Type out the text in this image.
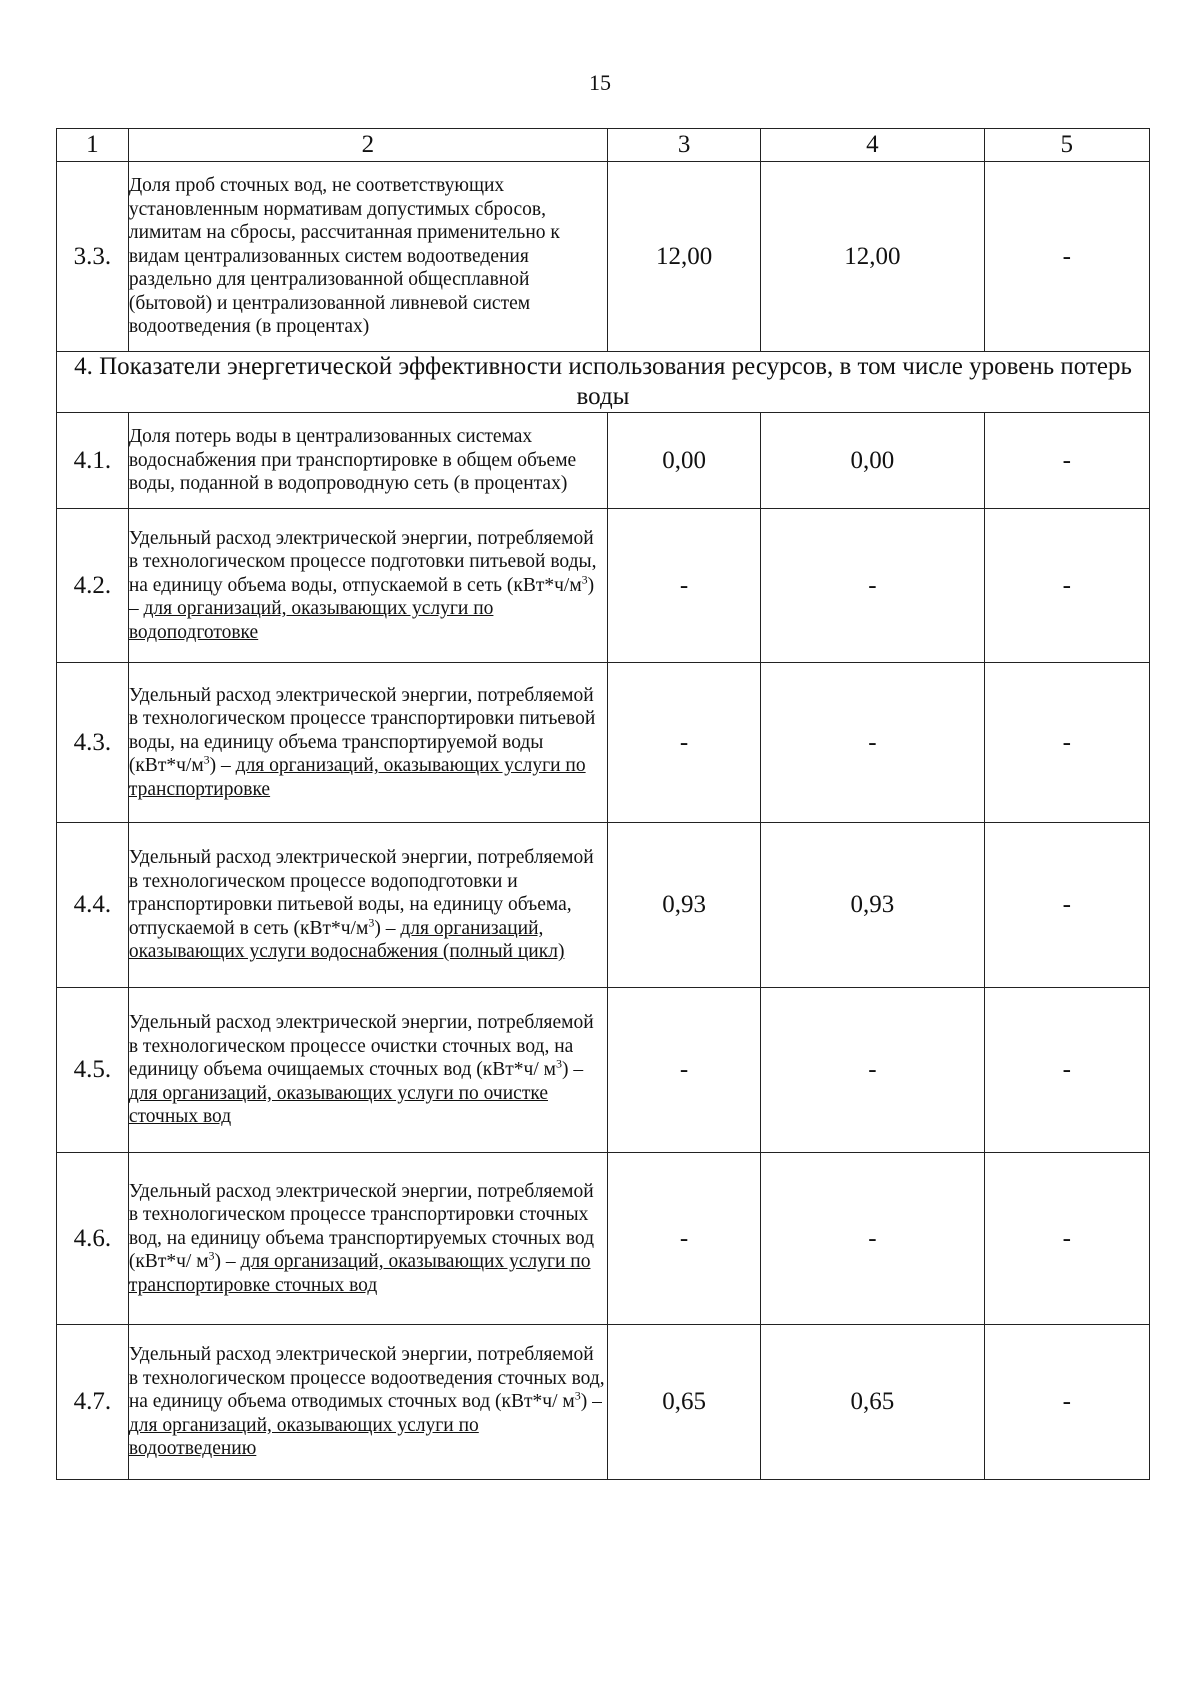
15
1	2	3	4	5
3.3.	Доля проб сточных вод, не соответствующих установленным нормативам допустимых сбросов, лимитам на сбросы, рассчитанная применительно к видам централизованных систем водоотведения раздельно для централизованной общесплавной (бытовой) и централизованной ливневой систем водоотведения (в процентах)	12,00	12,00	-
4. Показатели энергетической эффективности использования ресурсов, в том числе уровень потерь воды				
4.1.	Доля потерь воды в централизованных системах водоснабжения при транспортировке в общем объеме воды, поданной в водопроводную сеть (в процентах)	0,00	0,00	-
4.2.	Удельный расход электрической энергии, потребляемой в технологическом процессе подготовки питьевой воды, на единицу объема воды, отпускаемой в сеть $(кВт*ч/м^3)$ – для организаций, оказывающих услуги по водоподготовке	-	-	-
4.3.	Удельный расход электрической энергии, потребляемой в технологическом процессе транспортировки питьевой воды, на единицу объема транспортируемой воды $(кВт*ч/м^3)$ – для организаций, оказывающих услуги по транспортировке	-	-	-
4.4.	Удельный расход электрической энергии, потребляемой в технологическом процессе водоподготовки и транспортировки питьевой воды, на единицу объема, отпускаемой в сеть $(кВт*ч/м^3)$ – для организаций, оказывающих услуги водоснабжения (полный цикл)	0,93	0,93	-
4.5.	Удельный расход электрической энергии, потребляемой в технологическом процессе очистки сточных вод, на единицу объема очищаемых сточных вод (кВт*ч/ $м^3$) – для организаций, оказывающих услуги по очистке сточных вод	-	-	-
4.6.	Удельный расход электрической энергии, потребляемой в технологическом процессе транспортировки сточных вод, на единицу объема транспортируемых сточных вод (кВт*ч/ $м^3$) – для организаций, оказывающих услуги по транспортировке сточных вод	-	-	-
4.7.	Удельный расход электрической энергии, потребляемой в технологическом процессе водоотведения сточных вод, на единицу объема отводимых сточных вод (кВт*ч/ $м^3$) – для организаций, оказывающих услуги по водоотведению	0,65	0,65	-
